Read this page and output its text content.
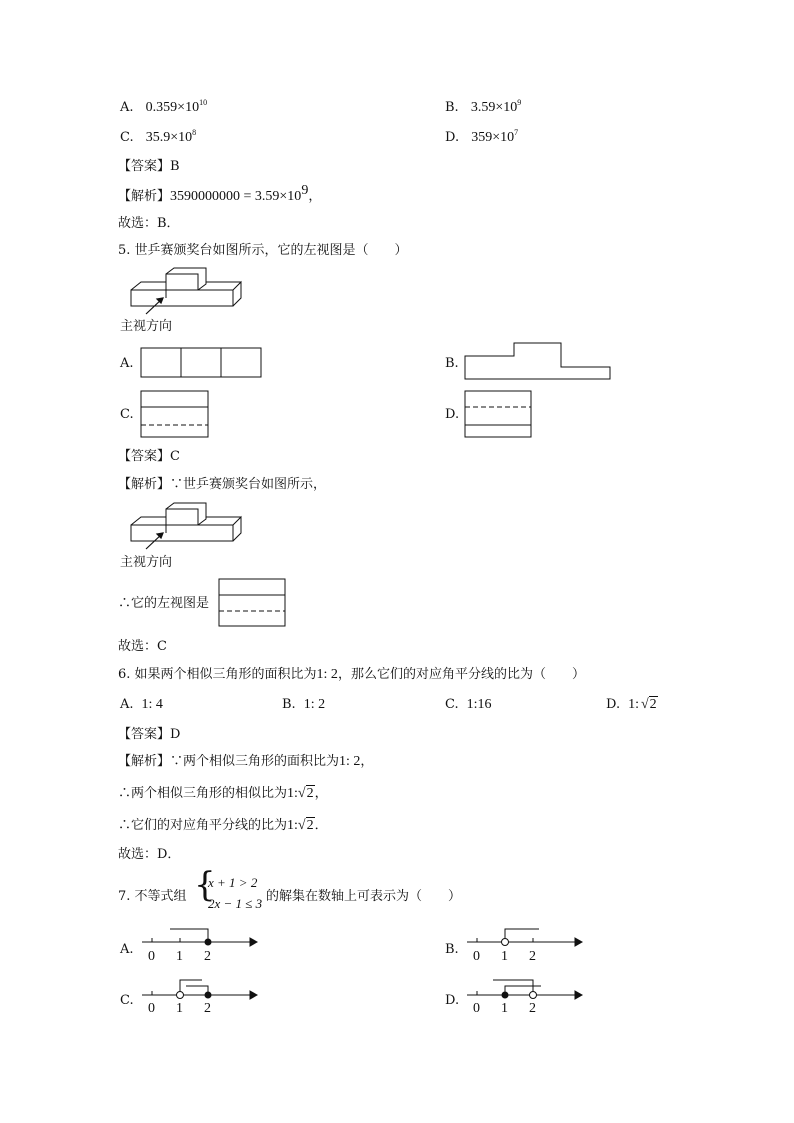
A. $0.359\times 10^{10}$	B. $3.59\times 10^9$
C. $35.9\times 10^8$	D. $359\times 10^7$
【答案】B
【解析】$3590000000 = 3.59\times 10^9$，
故选：B．
5. 世乒赛颁奖台如图所示，它的左视图是（　　）
主视方向
A.	B.
C.	D.
【答案】C
【解析】∵世乒赛颁奖台如图所示，
主视方向
∴它的左视图是
故选：C
6. 如果两个相似三角形的面积比为1: 2，那么它们的对应角平分线的比为（　　）
A. 1: 4	B. 1: 2	C. 1:16	D. 1: √2
【答案】D
【解析】∵两个相似三角形的面积比为1: 2，
∴两个相似三角形的相似比为1:√2，
∴它们的对应角平分线的比为1:√2．
故选：D．
7. 不等式组 {
x + 1 > 2
2x − 1 ≤ 3 的解集在数轴上可表示为（　　）
A. 0 1 2	B. 0 1 2
C.
0 1 2
D.
0 1 2
